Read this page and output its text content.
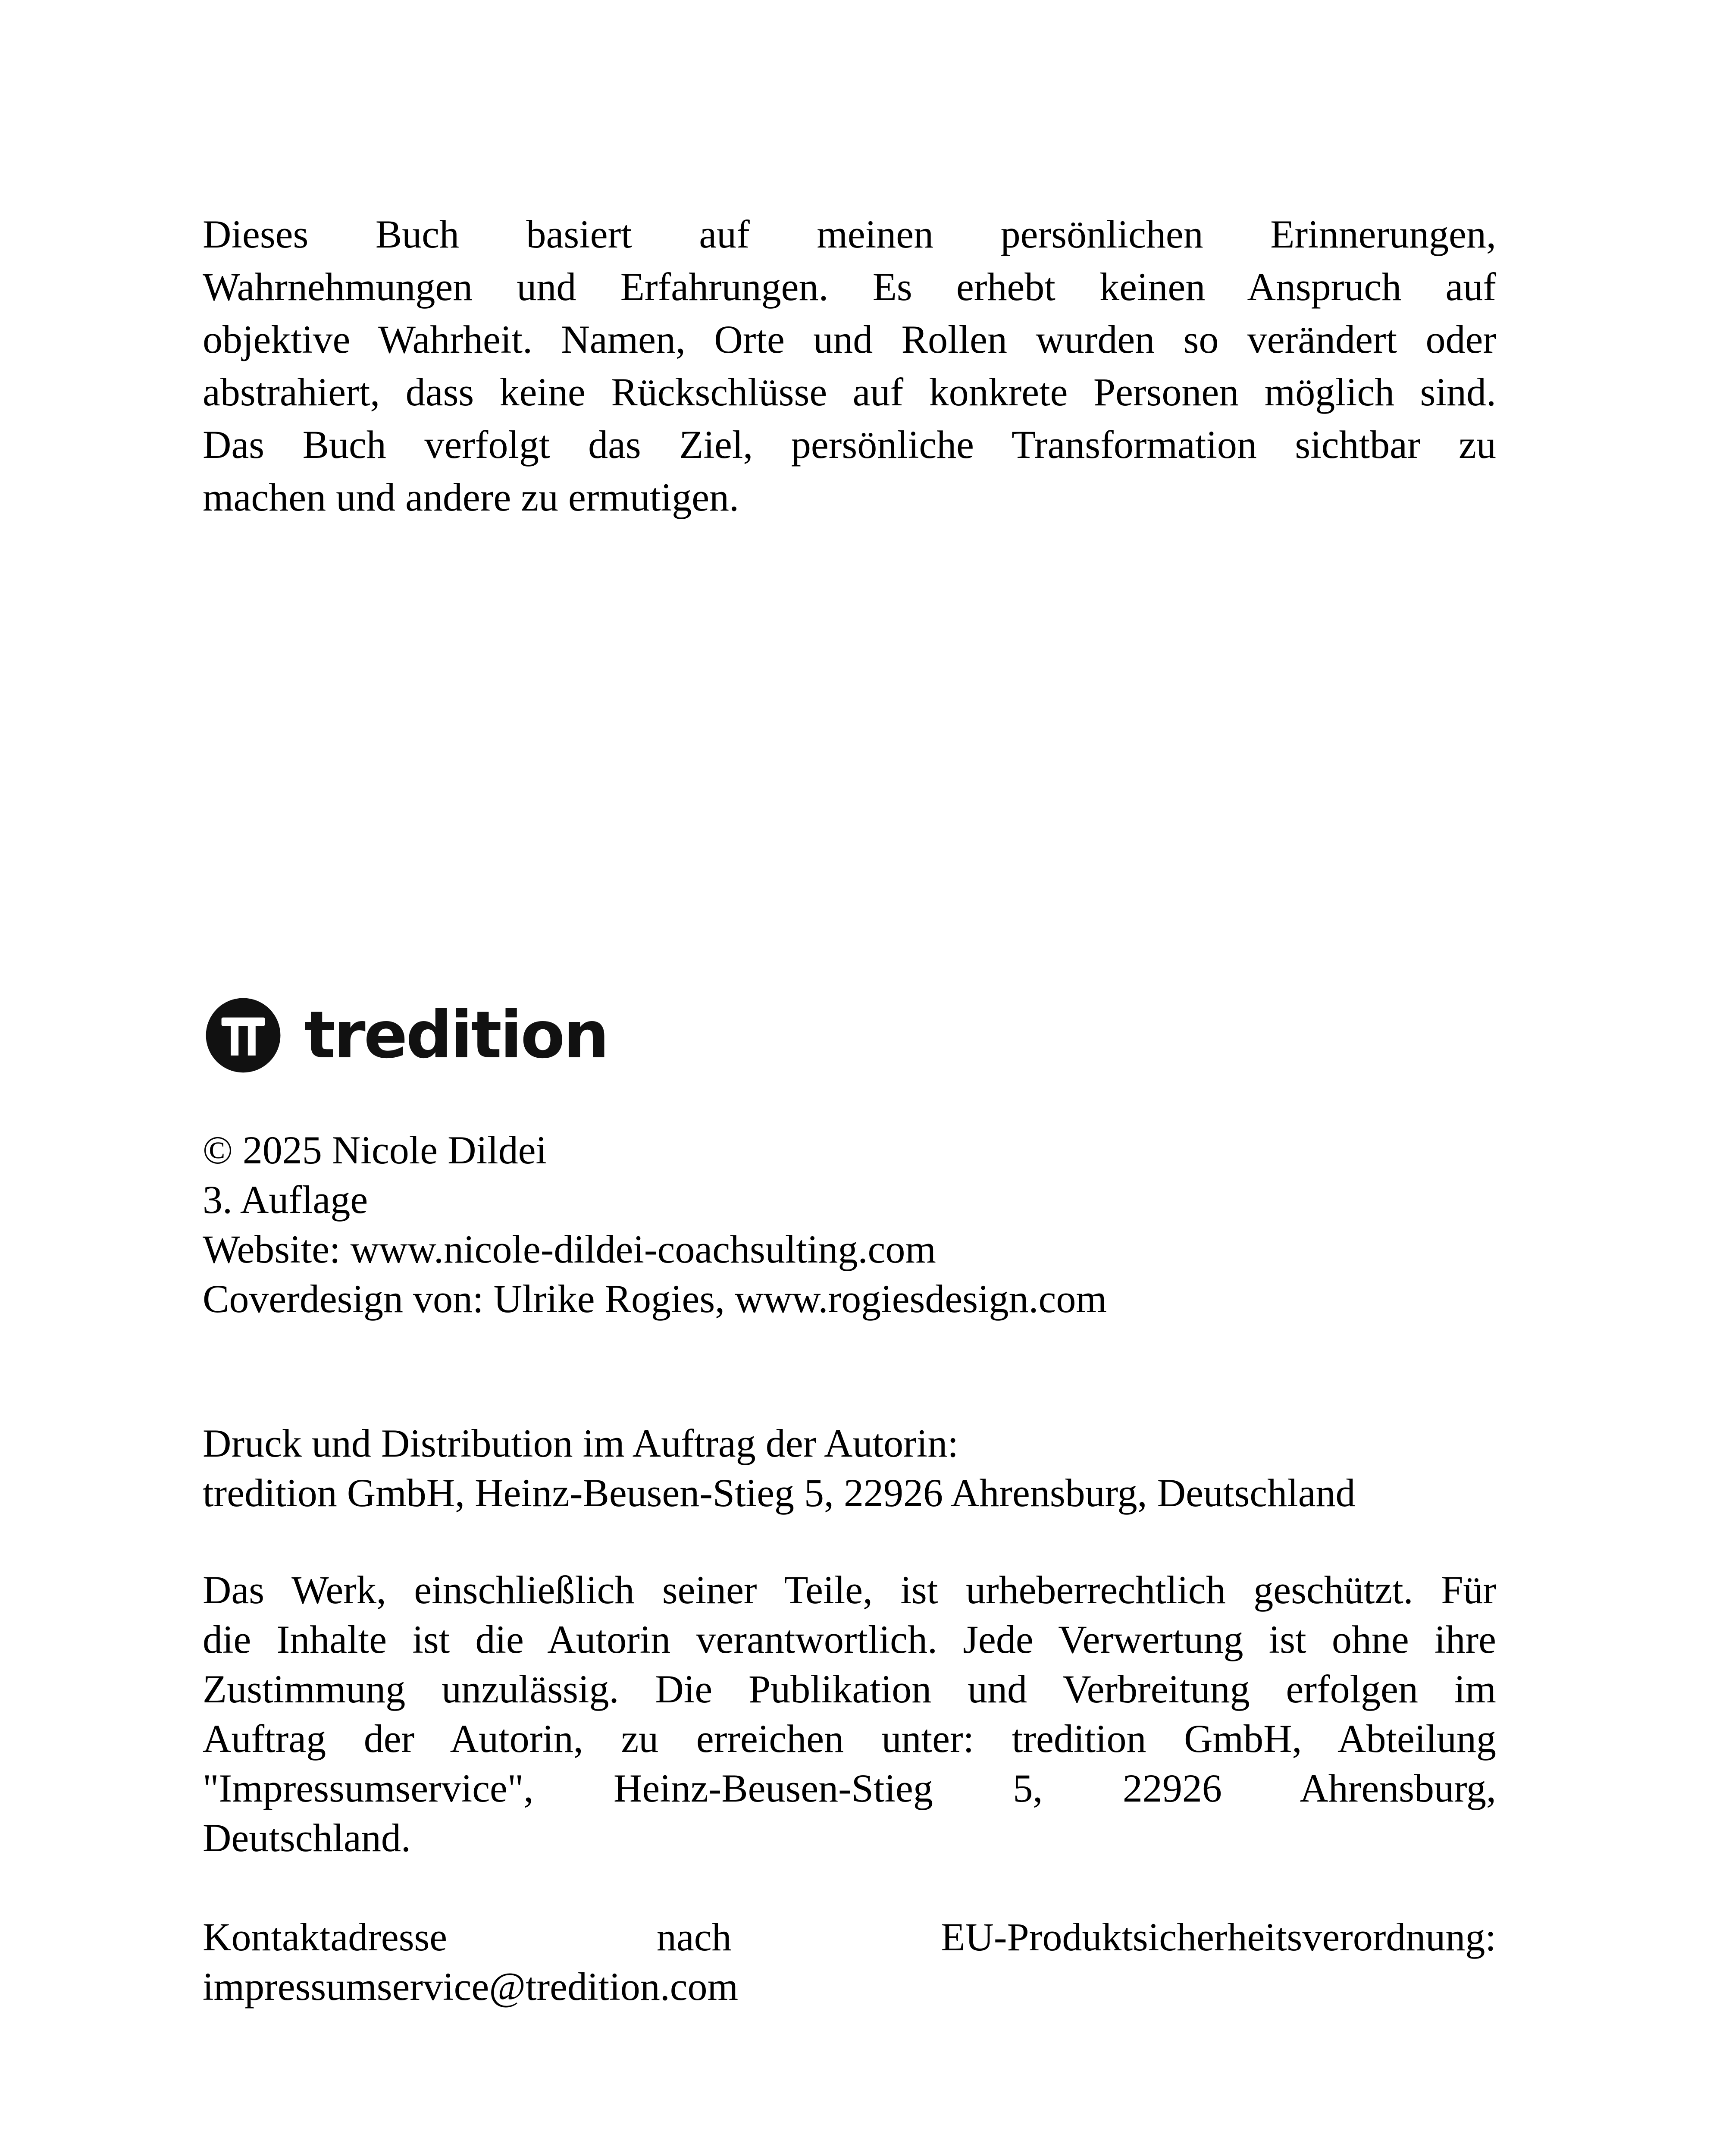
Dieses Buch basiert auf meinen persönlichen Erinnerungen,
Wahrnehmungen und Erfahrungen. Es erhebt keinen Anspruch auf
objektive Wahrheit. Namen, Orte und Rollen wurden so verändert oder
abstrahiert, dass keine Rückschlüsse auf konkrete Personen möglich sind.
Das Buch verfolgt das Ziel, persönliche Transformation sichtbar zu
machen und andere zu ermutigen.
tredition
© 2025 Nicole Dildei
3. Auflage
Website: www.nicole-dildei-coachsulting.com
Coverdesign von: Ulrike Rogies, www.rogiesdesign.com
Druck und Distribution im Auftrag der Autorin:
tredition GmbH, Heinz-Beusen-Stieg 5, 22926 Ahrensburg, Deutschland
Das Werk, einschließlich seiner Teile, ist urheberrechtlich geschützt. Für
die Inhalte ist die Autorin verantwortlich. Jede Verwertung ist ohne ihre
Zustimmung unzulässig. Die Publikation und Verbreitung erfolgen im
Auftrag der Autorin, zu erreichen unter: tredition GmbH, Abteilung
"Impressumservice", Heinz-Beusen-Stieg 5, 22926 Ahrensburg,
Deutschland.
Kontaktadresse nach EU-Produktsicherheitsverordnung:
impressumservice@tredition.com
